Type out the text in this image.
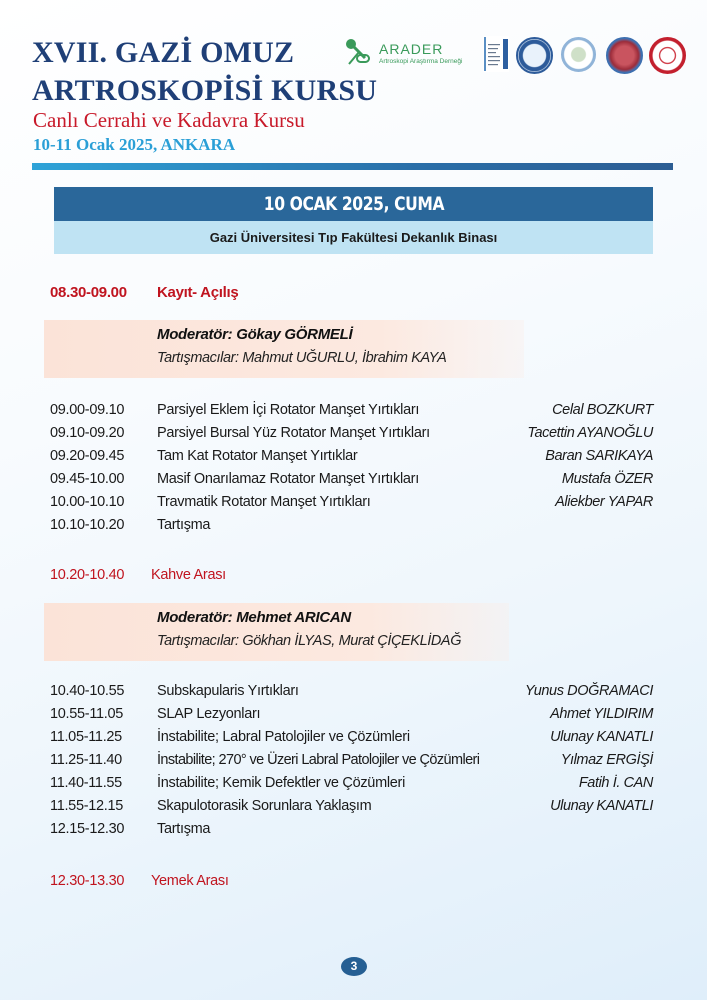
XVII. GAZİ OMUZ
ARTROSKOPİSİ KURSU
Canlı Cerrahi ve Kadavra Kursu
10-11 Ocak 2025, ANKARA
ARADER
Artroskopi Araştırma Derneği
10 OCAK 2025, CUMA
Gazi Üniversitesi Tıp Fakültesi Dekanlık Binası
08.30-09.00 Kayıt- Açılış
Moderatör: Gökay GÖRMELİ
Tartışmacılar: Mahmut UĞURLU, İbrahim KAYA
09.00-09.10 Parsiyel Eklem İçi Rotator Manşet Yırtıkları	Celal BOZKURT
09.10-09.20 Parsiyel Bursal Yüz Rotator Manşet Yırtıkları	Tacettin AYANOĞLU
09.20-09.45 Tam Kat Rotator Manşet Yırtıklar	Baran SARIKAYA
09.45-10.00 Masif Onarılamaz Rotator Manşet Yırtıkları	Mustafa ÖZER
10.00-10.10 Travmatik Rotator Manşet Yırtıkları	Aliekber YAPAR
10.10-10.20 Tartışma
10.20-10.40 Kahve Arası
Moderatör: Mehmet ARICAN
Tartışmacılar: Gökhan İLYAS, Murat ÇİÇEKLİDAĞ
10.40-10.55 Subskapularis Yırtıkları	Yunus DOĞRAMACI
10.55-11.05 SLAP Lezyonları	Ahmet YILDIRIM
11.05-11.25 İnstabilite; Labral Patolojiler ve Çözümleri	Ulunay KANATLI
11.25-11.40 İnstabilite; 270° ve Üzeri Labral Patolojiler ve Çözümleri	Yılmaz ERGİŞİ
11.40-11.55 İnstabilite; Kemik Defektler ve Çözümleri	Fatih İ. CAN
11.55-12.15 Skapulotorasik Sorunlara Yaklaşım	Ulunay KANATLI
12.15-12.30 Tartışma
12.30-13.30 Yemek Arası
3
